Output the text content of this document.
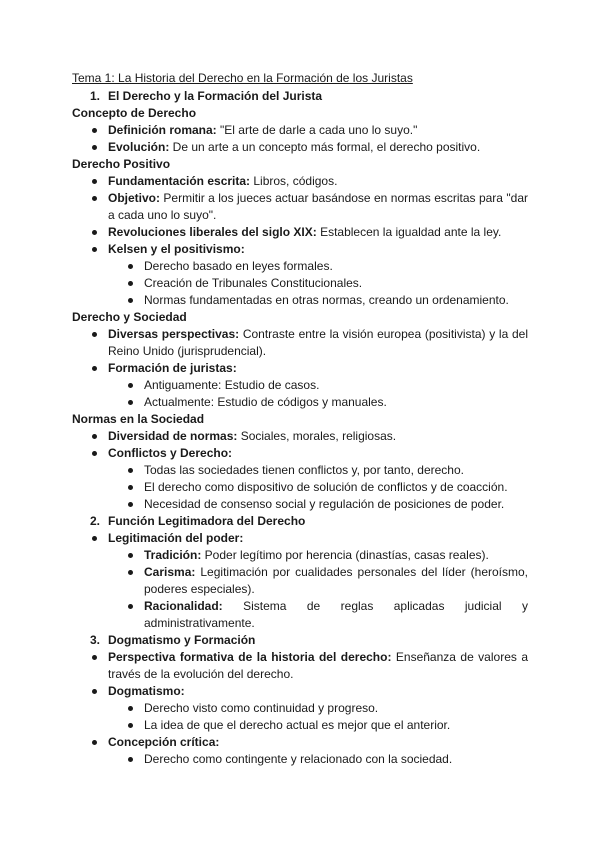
Tema 1: La Historia del Derecho en la Formación de los Juristas
1. El Derecho y la Formación del Jurista
Concepto de Derecho
Definición romana: "El arte de darle a cada uno lo suyo."
Evolución: De un arte a un concepto más formal, el derecho positivo.
Derecho Positivo
Fundamentación escrita: Libros, códigos.
Objetivo: Permitir a los jueces actuar basándose en normas escritas para "dar a cada uno lo suyo".
Revoluciones liberales del siglo XIX: Establecen la igualdad ante la ley.
Kelsen y el positivismo:
Derecho basado en leyes formales.
Creación de Tribunales Constitucionales.
Normas fundamentadas en otras normas, creando un ordenamiento.
Derecho y Sociedad
Diversas perspectivas: Contraste entre la visión europea (positivista) y la del Reino Unido (jurisprudencial).
Formación de juristas:
Antiguamente: Estudio de casos.
Actualmente: Estudio de códigos y manuales.
Normas en la Sociedad
Diversidad de normas: Sociales, morales, religiosas.
Conflictos y Derecho:
Todas las sociedades tienen conflictos y, por tanto, derecho.
El derecho como dispositivo de solución de conflictos y de coacción.
Necesidad de consenso social y regulación de posiciones de poder.
2. Función Legitimadora del Derecho
Legitimación del poder:
Tradición: Poder legítimo por herencia (dinastías, casas reales).
Carisma: Legitimación por cualidades personales del líder (heroísmo, poderes especiales).
Racionalidad: Sistema de reglas aplicadas judicial y administrativamente.
3. Dogmatismo y Formación
Perspectiva formativa de la historia del derecho: Enseñanza de valores a través de la evolución del derecho.
Dogmatismo:
Derecho visto como continuidad y progreso.
La idea de que el derecho actual es mejor que el anterior.
Concepción crítica:
Derecho como contingente y relacionado con la sociedad.
